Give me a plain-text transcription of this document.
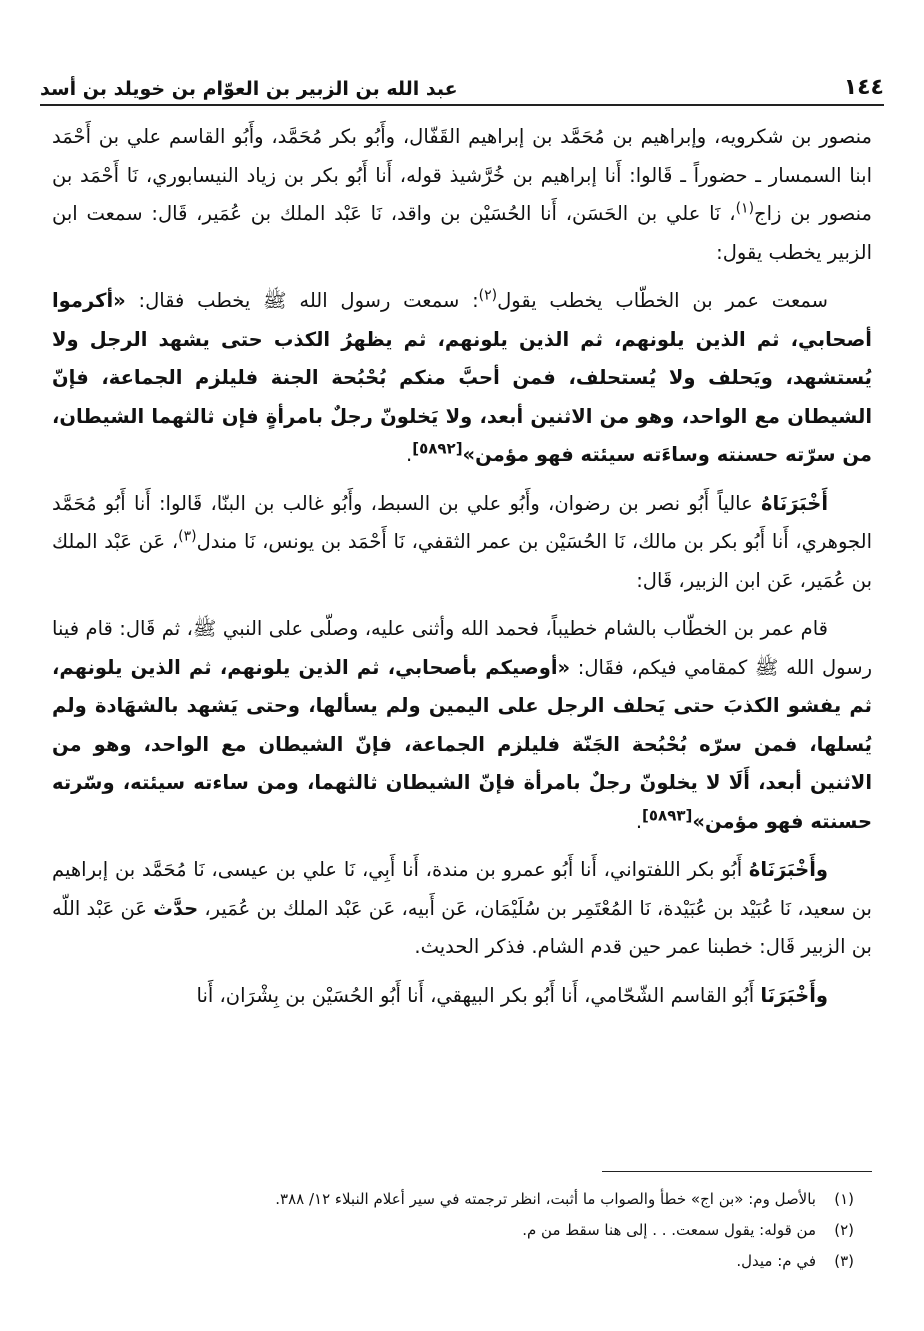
١٤٤
عبد الله بن الزبير بن العوّام بن خويلد بن أسد

منصور بن شكرويه، وإبراهيم بن مُحَمَّد بن إبراهيم القَفّال، وأَبُو بكر مُحَمَّد، وأَبُو القاسم علي بن أَحْمَد ابنا السمسار ـ حضوراً ـ قَالوا: أَنا إبراهيم بن خُرَّشيذ قوله، أَنا أَبُو بكر بن زياد النيسابوري، نَا أَحْمَد بن منصور بن زاج$^{(١)}$، نَا علي بن الحَسَن، أَنا الحُسَيْن بن واقد، نَا عَبْد الملك بن عُمَير، قَال: سمعت ابن الزبير يخطب يقول:

سمعت عمر بن الخطّاب يخطب يقول$^{(٢)}$: سمعت رسول الله ﷺ يخطب فقال: «أكرموا أصحابي، ثم الذين يلونهم، ثم الذين يلونهم، ثم يظهرُ الكذب حتى يشهد الرجل ولا يُستشهد، ويَحلف ولا يُستحلف، فمن أحبَّ منكم بُحْبُحة الجنة فليلزم الجماعة، فإنّ الشيطان مع الواحد، وهو من الاثنين أبعد، ولا يَخلونّ رجلٌ بامرأةٍ فإن ثالثهما الشيطان، من سرّته حسنته وساءَته سيئته فهو مؤمن»[٥٨٩٢].

أَخْبَرَنَاهُ عالياً أَبُو نصر بن رضوان، وأَبُو علي بن السبط، وأَبُو غالب بن البنّا، قَالوا: أَنا أَبُو مُحَمَّد الجوهري، أَنا أَبُو بكر بن مالك، نَا الحُسَيْن بن عمر الثقفي، نَا أَحْمَد بن يونس، نَا مندل$^{(٣)}$، عَن عَبْد الملك بن عُمَير، عَن ابن الزبير، قَال:

قام عمر بن الخطّاب بالشام خطيباً، فحمد الله وأثنى عليه، وصلّى على النبي ﷺ، ثم قَال: قام فينا رسول الله ﷺ كمقامي فيكم، فقَال: «أوصيكم بأصحابي، ثم الذين يلونهم، ثم الذين يلونهم، ثم يفشو الكذبَ حتى يَحلف الرجل على اليمين ولم يسألها، وحتى يَشهد بالشهَادة ولم يُسلها، فمن سرّه بُحْبُحة الجَنّة فليلزم الجماعة، فإنّ الشيطان مع الواحد، وهو من الاثنين أبعد، أَلَا لا يخلونّ رجلٌ بامرأة فإنّ الشيطان ثالثهما، ومن ساءته سيئته، وسّرته حسنته فهو مؤمن»[٥٨٩٣].

وأَخْبَرَنَاهُ أَبُو بكر اللفتواني، أَنا أَبُو عمرو بن مندة، أَنا أَبِي، نَا علي بن عيسى، نَا مُحَمَّد بن إبراهيم بن سعيد، نَا عُبَيْد بن عُبَيْدة، نَا المُعْتَمِر بن سُلَيْمَان، عَن أَبيه، عَن عَبْد الملك بن عُمَير، حدَّث عَن عَبْد اللّه بن الزبير قَال: خطبنا عمر حين قدم الشام. فذكر الحديث.

وأَخْبَرَنَا أَبُو القاسم الشّحّامي، أَنا أَبُو بكر البيهقي، أَنا أَبُو الحُسَيْن بن بِشْرَان، أَنا

(١)
بالأصل وم: «بن اج» خطأ والصواب ما أثبت، انظر ترجمته في سير أعلام النبلاء ١٢/ ٣٨٨.
(٢)
من قوله: يقول سمعت. . . إلى هنا سقط من م.
(٣)
في م: ميدل.
